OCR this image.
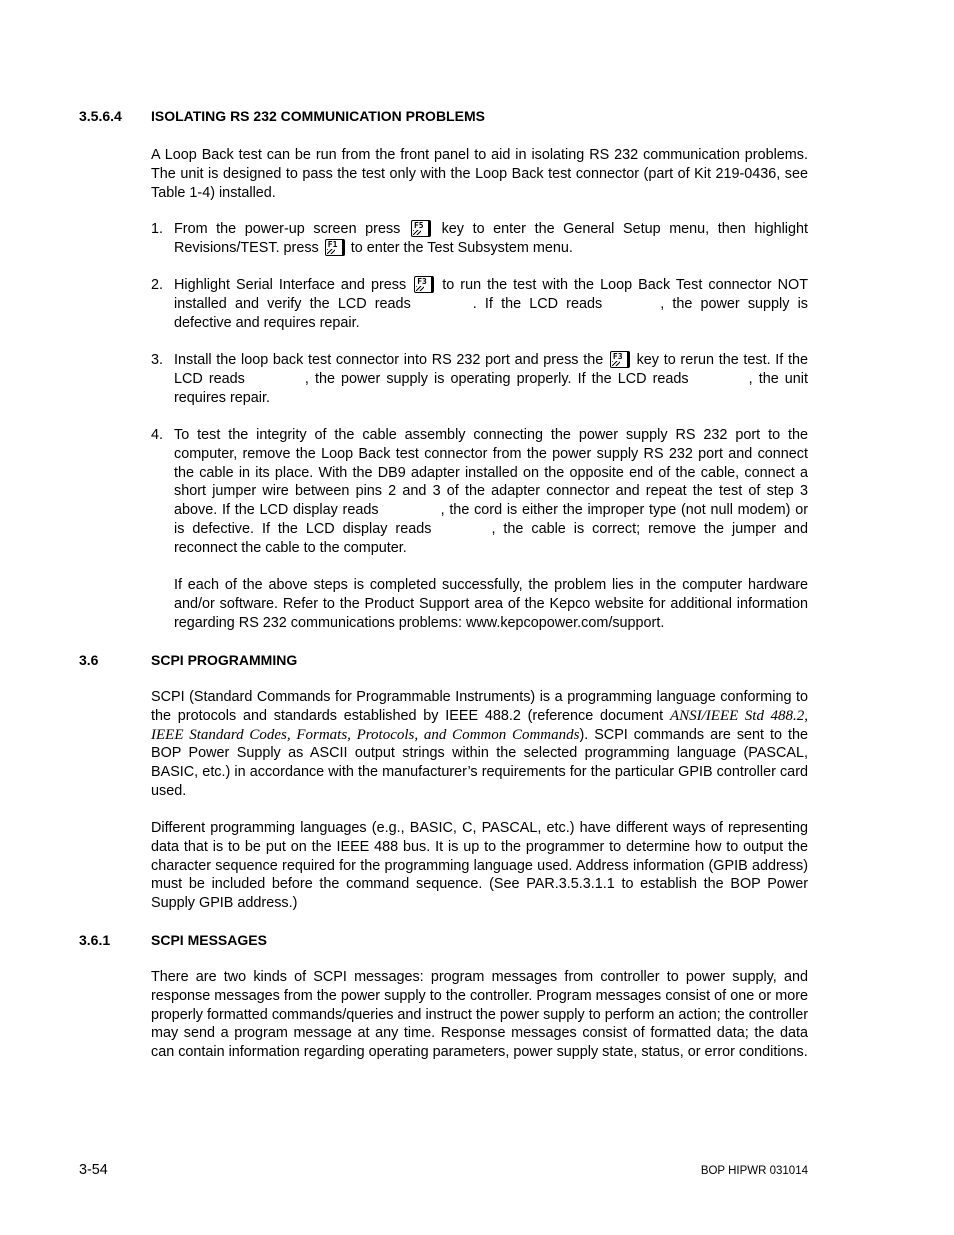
3.5.6.4 ISOLATING RS 232 COMMUNICATION PROBLEMS
A Loop Back test can be run from the front panel to aid in isolating RS 232 communication problems. The unit is designed to pass the test only with the Loop Back test connector (part of Kit 219-0436, see Table 1-4) installed.
1. From the power-up screen press F5 key to enter the General Setup menu, then highlight Revisions/TEST. press F1 to enter the Test Subsystem menu.
2. Highlight Serial Interface and press F3 to run the test with the Loop Back Test connector NOT installed and verify the LCD reads	. If the LCD reads	, the power supply is defective and requires repair.
3. Install the loop back test connector into RS 232 port and press the F3 key to rerun the test. If the LCD reads	, the power supply is operating properly. If the LCD reads	, the unit requires repair.
4. To test the integrity of the cable assembly connecting the power supply RS 232 port to the computer, remove the Loop Back test connector from the power supply RS 232 port and connect the cable in its place. With the DB9 adapter installed on the opposite end of the cable, connect a short jumper wire between pins 2 and 3 of the adapter connector and repeat the test of step 3 above. If the LCD display reads	, the cord is either the improper type (not null modem) or is defective. If the LCD display reads	, the cable is correct; remove the jumper and reconnect the cable to the computer.
If each of the above steps is completed successfully, the problem lies in the computer hardware and/or software. Refer to the Product Support area of the Kepco website for additional information regarding RS 232 communications problems: www.kepcopower.com/support.
3.6	SCPI PROGRAMMING
SCPI (Standard Commands for Programmable Instruments) is a programming language conforming to the protocols and standards established by IEEE 488.2 (reference document ANSI/IEEE Std 488.2, IEEE Standard Codes, Formats, Protocols, and Common Commands). SCPI commands are sent to the BOP Power Supply as ASCII output strings within the selected programming language (PASCAL, BASIC, etc.) in accordance with the manufacturer’s requirements for the particular GPIB controller card used.
Different programming languages (e.g., BASIC, C, PASCAL, etc.) have different ways of representing data that is to be put on the IEEE 488 bus. It is up to the programmer to determine how to output the character sequence required for the programming language used. Address information (GPIB address) must be included before the command sequence. (See PAR.3.5.3.1.1 to establish the BOP Power Supply GPIB address.)
3.6.1	SCPI MESSAGES
There are two kinds of SCPI messages: program messages from controller to power supply, and response messages from the power supply to the controller. Program messages consist of one or more properly formatted commands/queries and instruct the power supply to perform an action; the controller may send a program message at any time. Response messages consist of formatted data; the data can contain information regarding operating parameters, power supply state, status, or error conditions.
3-54	BOP HIPWR 031014
